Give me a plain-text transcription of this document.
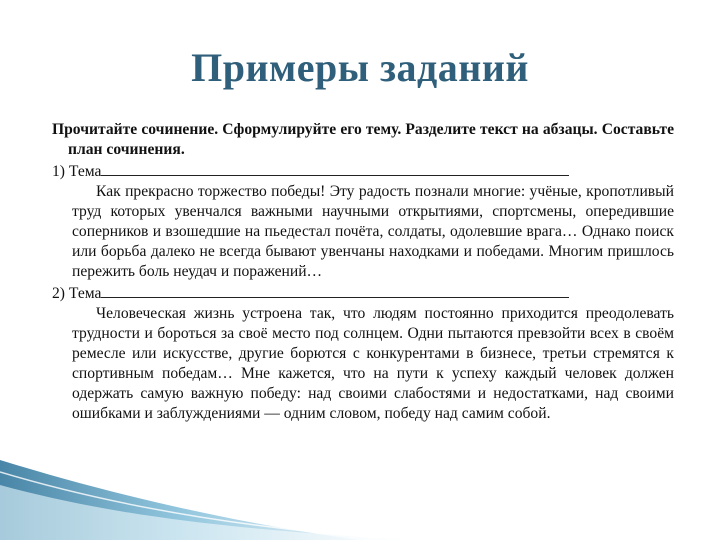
Примеры заданий

Прочитайте сочинение. Сформулируйте его тему. Разделите текст на абзацы. Составьте план сочинения.

1) Тема

Как прекрасно торжество победы! Эту радость познали многие: учёные, кропотливый труд которых увенчался важными научными открытиями, спортсмены, опередившие соперников и взошедшие на пьедестал почёта, солдаты, одолевшие врага… Однако поиск или борьба далеко не всегда бывают увенчаны находками и победами. Многим пришлось пережить боль неудач и поражений…

2) Тема

Человеческая жизнь устроена так, что людям постоянно приходится преодолевать трудности и бороться за своё место под солнцем. Одни пытаются превзойти всех в своём ремесле или искусстве, другие борются с конкурентами в бизнесе, третьи стремятся к спортивным победам… Мне кажется, что на пути к успеху каждый человек должен одержать самую важную победу: над своими слабостями и недостатками, над своими ошибками и заблуждениями — одним словом, победу над самим собой.
